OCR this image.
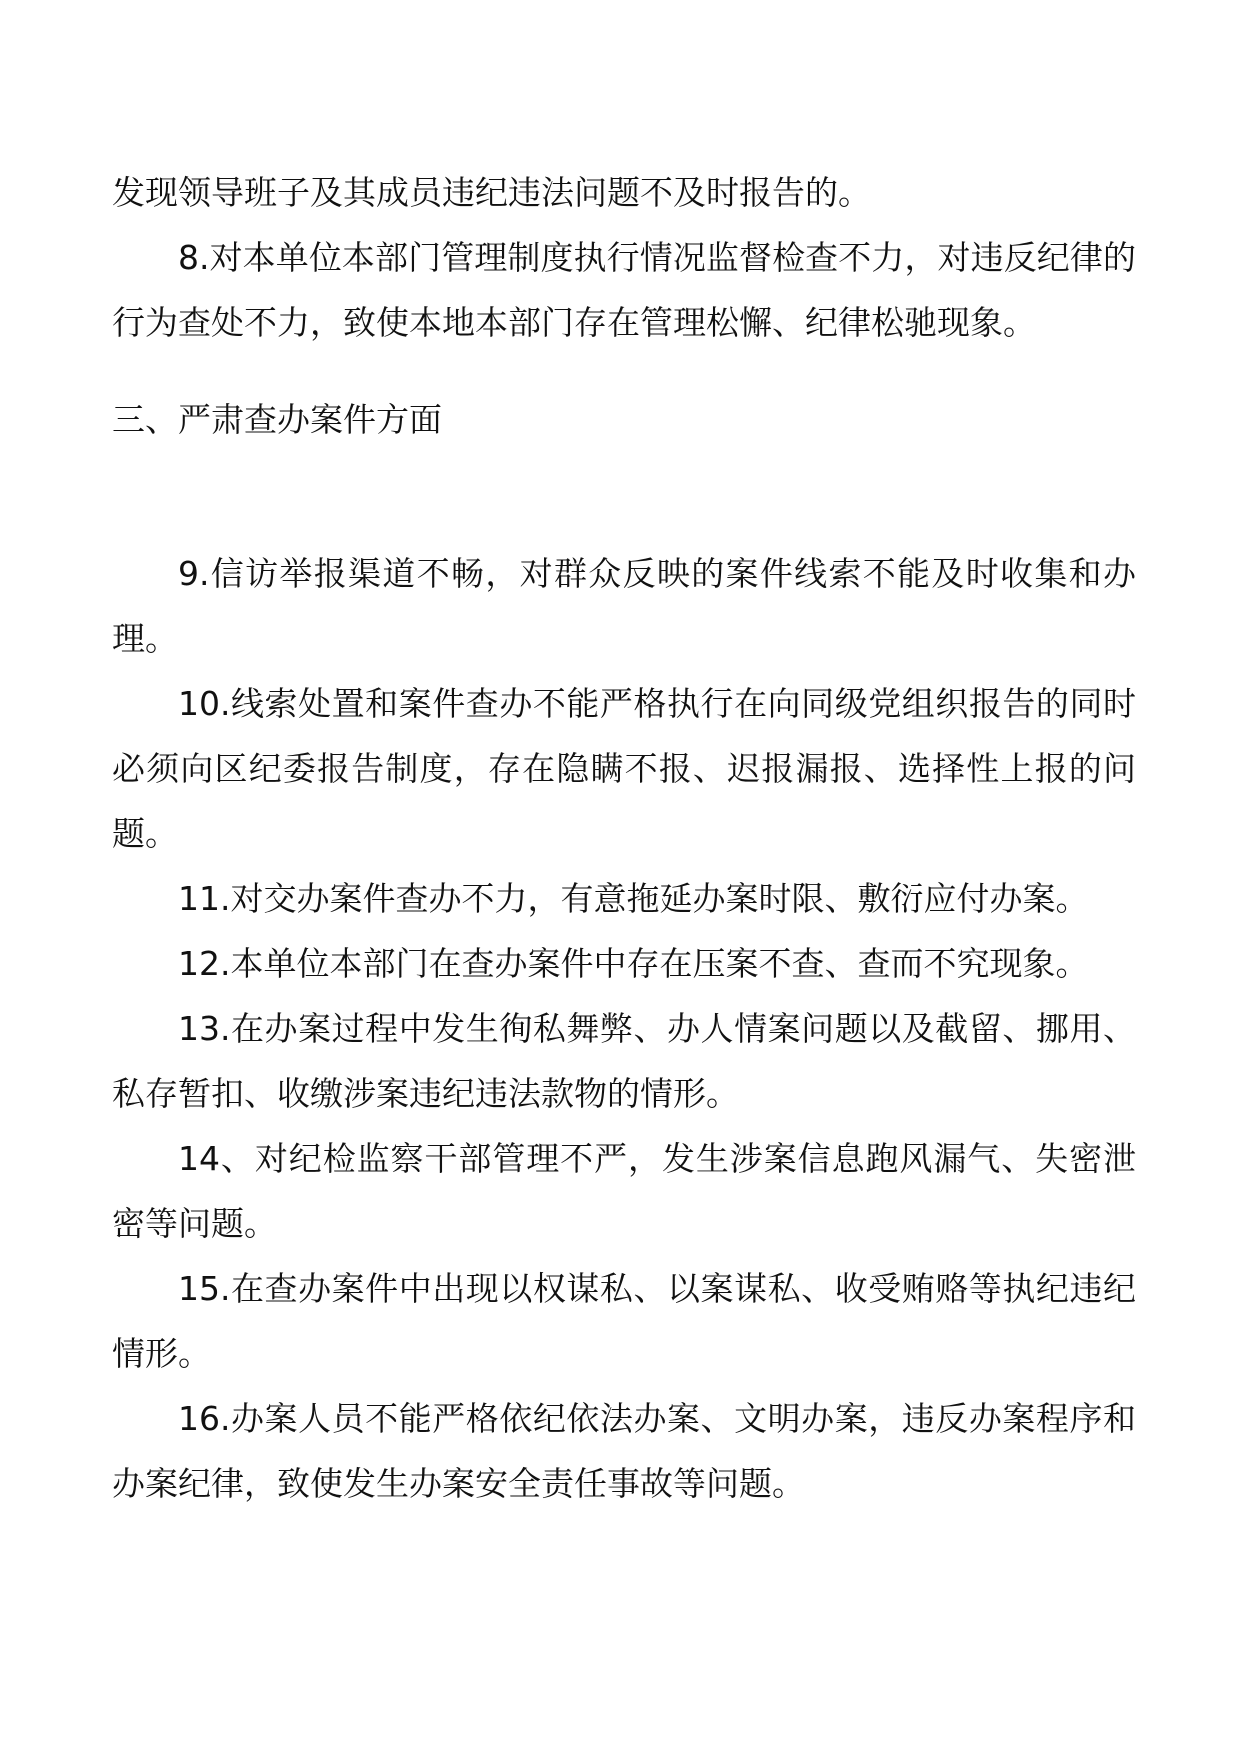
发现领导班子及其成员违纪违法问题不及时报告的。

8.对本单位本部门管理制度执行情况监督检查不力，对违反纪律的行为查处不力，致使本地本部门存在管理松懈、纪律松驰现象。

三、严肃查办案件方面

9.信访举报渠道不畅，对群众反映的案件线索不能及时收集和办理。

10.线索处置和案件查办不能严格执行在向同级党组织报告的同时必须向区纪委报告制度，存在隐瞒不报、迟报漏报、选择性上报的问题。

11.对交办案件查办不力，有意拖延办案时限、敷衍应付办案。

12.本单位本部门在查办案件中存在压案不查、查而不究现象。

13.在办案过程中发生徇私舞弊、办人情案问题以及截留、挪用、私存暂扣、收缴涉案违纪违法款物的情形。

14、对纪检监察干部管理不严，发生涉案信息跑风漏气、失密泄密等问题。

15.在查办案件中出现以权谋私、以案谋私、收受贿赂等执纪违纪情形。

16.办案人员不能严格依纪依法办案、文明办案，违反办案程序和办案纪律，致使发生办案安全责任事故等问题。
